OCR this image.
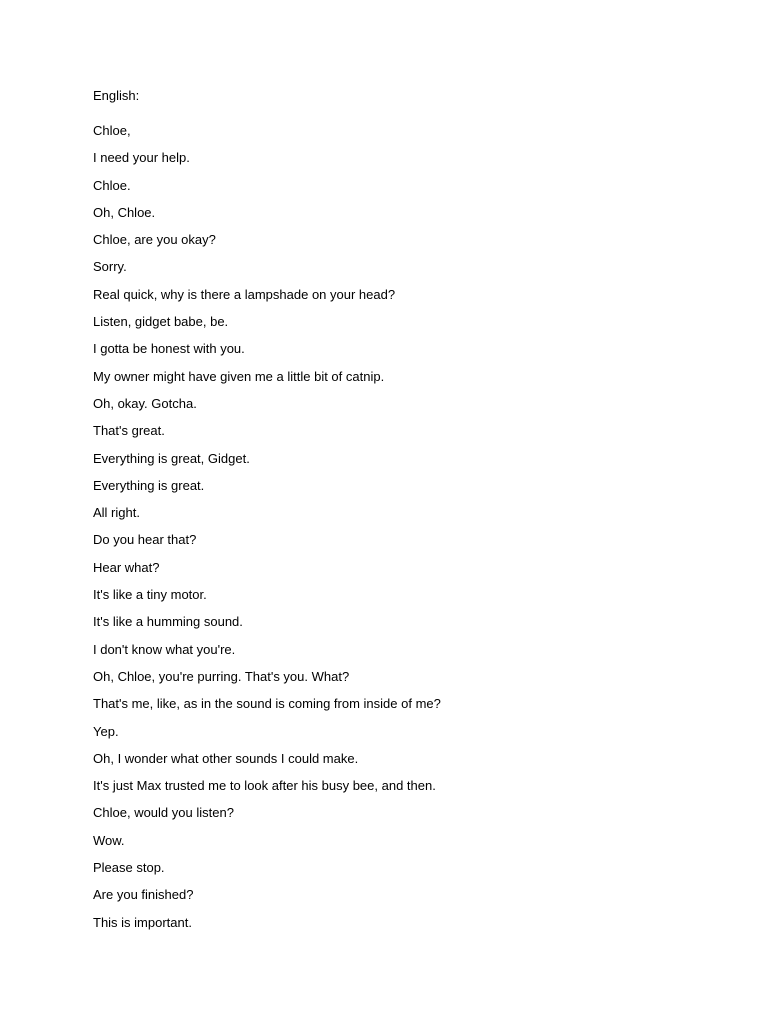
English:

Chloe,
I need your help.
Chloe.
Oh, Chloe.
Chloe, are you okay?
Sorry.
Real quick, why is there a lampshade on your head?
Listen, gidget babe, be.
I gotta be honest with you.
My owner might have given me a little bit of catnip.
Oh, okay. Gotcha.
That's great.
Everything is great, Gidget.
Everything is great.
All right.
Do you hear that?
Hear what?
It's like a tiny motor.
It's like a humming sound.
I don't know what you're.
Oh, Chloe, you're purring. That's you. What?
That's me, like, as in the sound is coming from inside of me?
Yep.
Oh, I wonder what other sounds I could make.
It's just Max trusted me to look after his busy bee, and then.
Chloe, would you listen?
Wow.
Please stop.
Are you finished?
This is important.
